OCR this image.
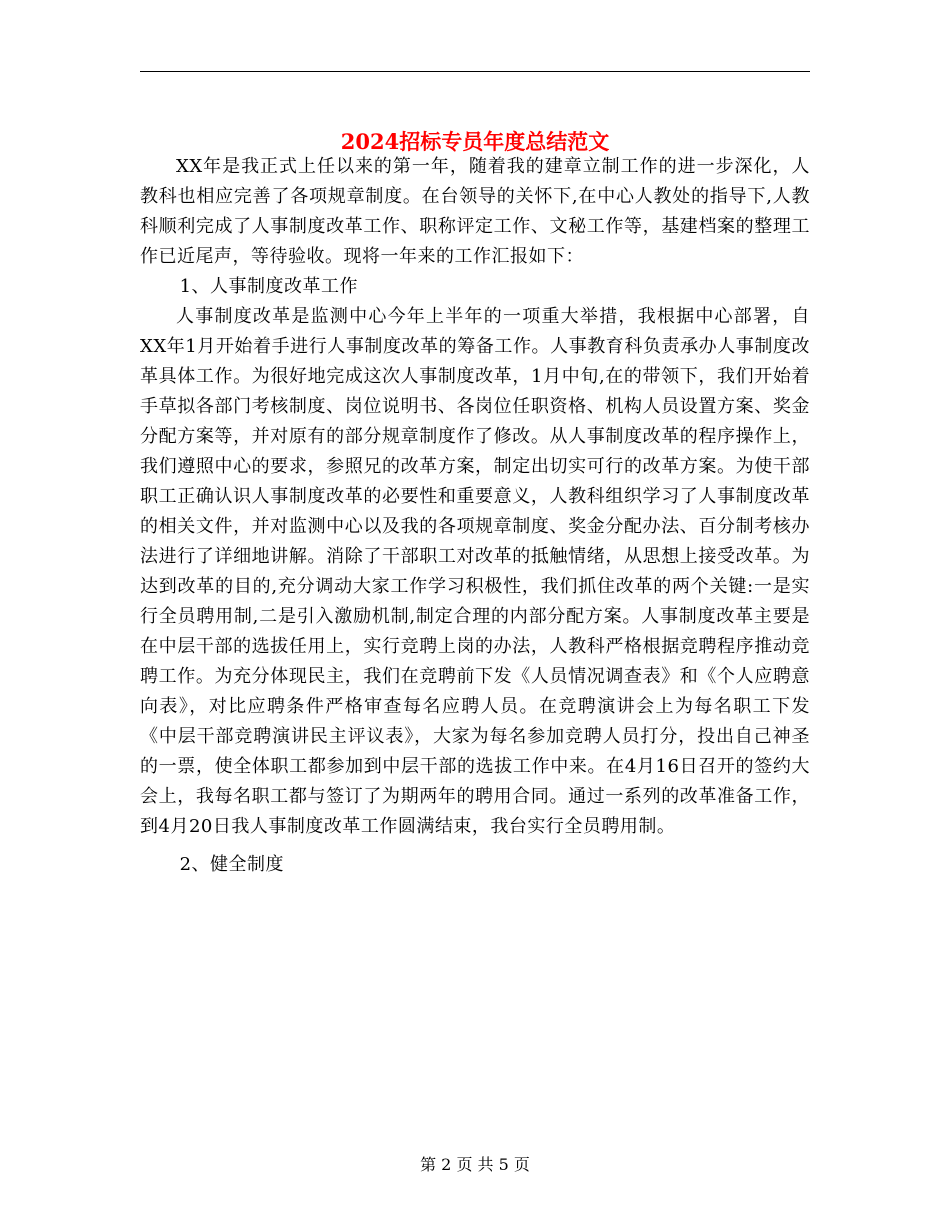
2024招标专员年度总结范文

XX年是我正式上任以来的第一年，随着我的建章立制工作的进一步深化，人教科也相应完善了各项规章制度。在台领导的关怀下,在中心人教处的指导下,人教科顺利完成了人事制度改革工作、职称评定工作、文秘工作等，基建档案的整理工作已近尾声，等待验收。现将一年来的工作汇报如下：

1、人事制度改革工作

人事制度改革是监测中心今年上半年的一项重大举措，我根据中心部署，自XX年1月开始着手进行人事制度改革的筹备工作。人事教育科负责承办人事制度改革具体工作。为很好地完成这次人事制度改革，1月中旬,在的带领下，我们开始着手草拟各部门考核制度、岗位说明书、各岗位任职资格、机构人员设置方案、奖金分配方案等，并对原有的部分规章制度作了修改。从人事制度改革的程序操作上，我们遵照中心的要求，参照兄的改革方案，制定出切实可行的改革方案。为使干部职工正确认识人事制度改革的必要性和重要意义，人教科组织学习了人事制度改革的相关文件，并对监测中心以及我的各项规章制度、奖金分配办法、百分制考核办法进行了详细地讲解。消除了干部职工对改革的抵触情绪，从思想上接受改革。为达到改革的目的,充分调动大家工作学习积极性，我们抓住改革的两个关键:一是实行全员聘用制,二是引入激励机制,制定合理的内部分配方案。人事制度改革主要是在中层干部的选拔任用上，实行竞聘上岗的办法，人教科严格根据竞聘程序推动竞聘工作。为充分体现民主，我们在竞聘前下发《人员情况调查表》和《个人应聘意向表》，对比应聘条件严格审查每名应聘人员。在竞聘演讲会上为每名职工下发《中层干部竞聘演讲民主评议表》，大家为每名参加竞聘人员打分，投出自己神圣的一票，使全体职工都参加到中层干部的选拔工作中来。在4月16日召开的签约大会上，我每名职工都与签订了为期两年的聘用合同。通过一系列的改革准备工作，到4月20日我人事制度改革工作圆满结束，我台实行全员聘用制。

2、健全制度

第 2 页 共 5 页
